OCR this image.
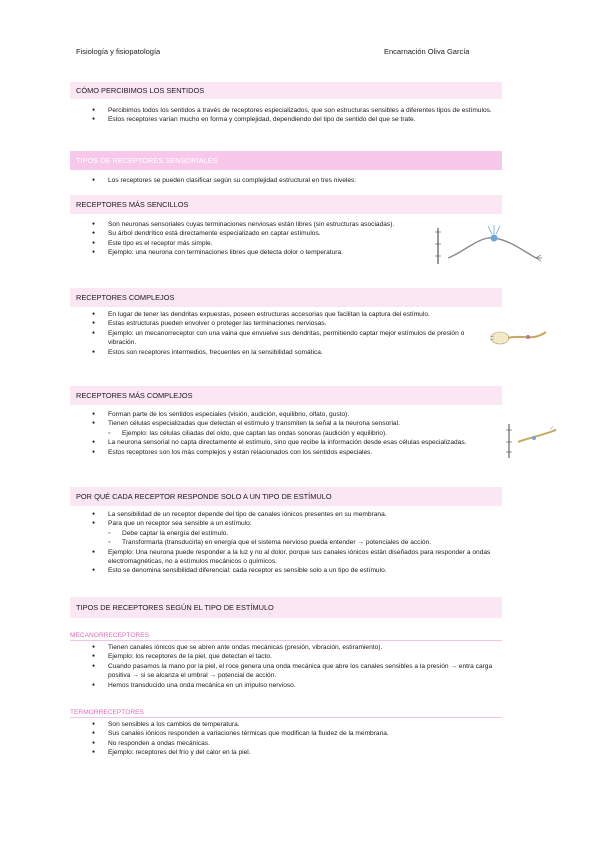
Fisiología y fisiopatología	Encarnación Oliva García
CÓMO PERCIBIMOS LOS SENTIDOS
● Percibimos todos los sentidos a través de receptores especializados, que son estructuras sensibles a diferentes tipos de estímulos.
● Estos receptores varían mucho en forma y complejidad, dependiendo del tipo de sentido del que se trate.
TIPOS DE RECEPTORES SENSORIALES
● Los receptores se pueden clasificar según su complejidad estructural en tres niveles:
RECEPTORES MÁS SENCILLOS
● Son neuronas sensoriales cuyas terminaciones nerviosas están libres (sin estructuras asociadas).
● Su árbol dendrítico está directamente especializado en captar estímulos.
● Este tipo es el receptor más simple.
● Ejemplo: una neurona con terminaciones libres que detecta dolor o temperatura.
RECEPTORES COMPLEJOS
● En lugar de tener las dendritas expuestas, poseen estructuras accesorias que facilitan la captura del estímulo.
● Estas estructuras pueden envolver o proteger las terminaciones nerviosas.
● Ejemplo: un mecanorreceptor con una vaina que envuelve sus dendritas, permitiendo captar mejor estímulos de presión o vibración.
● Estos son receptores intermedios, frecuentes en la sensibilidad somática.
RECEPTORES MÁS COMPLEJOS
● Forman parte de los sentidos especiales (visión, audición, equilibrio, olfato, gusto).
● Tienen células especializadas que detectan el estímulo y transmiten la señal a la neurona sensorial.
◦ Ejemplo: las células ciliadas del oído, que captan las ondas sonoras (audición y equilibrio).
● La neurona sensorial no capta directamente el estímulo, sino que recibe la información desde esas células especializadas.
● Estos receptores son los más complejos y están relacionados con los sentidos especiales.
POR QUÉ CADA RECEPTOR RESPONDE SOLO A UN TIPO DE ESTÍMULO
● La sensibilidad de un receptor depende del tipo de canales iónicos presentes en su membrana.
● Para que un receptor sea sensible a un estímulo:
◦ Debe captar la energía del estímulo.
◦ Transformarla (transducirla) en energía que el sistema nervioso pueda entender → potenciales de acción.
● Ejemplo: Una neurona puede responder a la luz y no al dolor, porque sus canales iónicos están diseñados para responder a ondas electromagnéticas, no a estímulos mecánicos o químicos.
● Esto se denomina sensibilidad diferencial: cada receptor es sensible solo a un tipo de estímulo.
TIPOS DE RECEPTORES SEGÚN EL TIPO DE ESTÍMULO
MECANORRECEPTORES
● Tienen canales iónicos que se abren ante ondas mecánicas (presión, vibración, estiramiento).
● Ejemplo: los receptores de la piel, que detectan el tacto.
● Cuando pasamos la mano por la piel, el roce genera una onda mecánica que abre los canales sensibles a la presión → entra carga positiva → si se alcanza el umbral → potencial de acción.
● Hemos transducido una onda mecánica en un impulso nervioso.
TERMORRECEPTORES
● Son sensibles a los cambios de temperatura.
● Sus canales iónicos responden a variaciones térmicas que modifican la fluidez de la membrana.
● No responden a ondas mecánicas.
● Ejemplo: receptores del frío y del calor en la piel.
